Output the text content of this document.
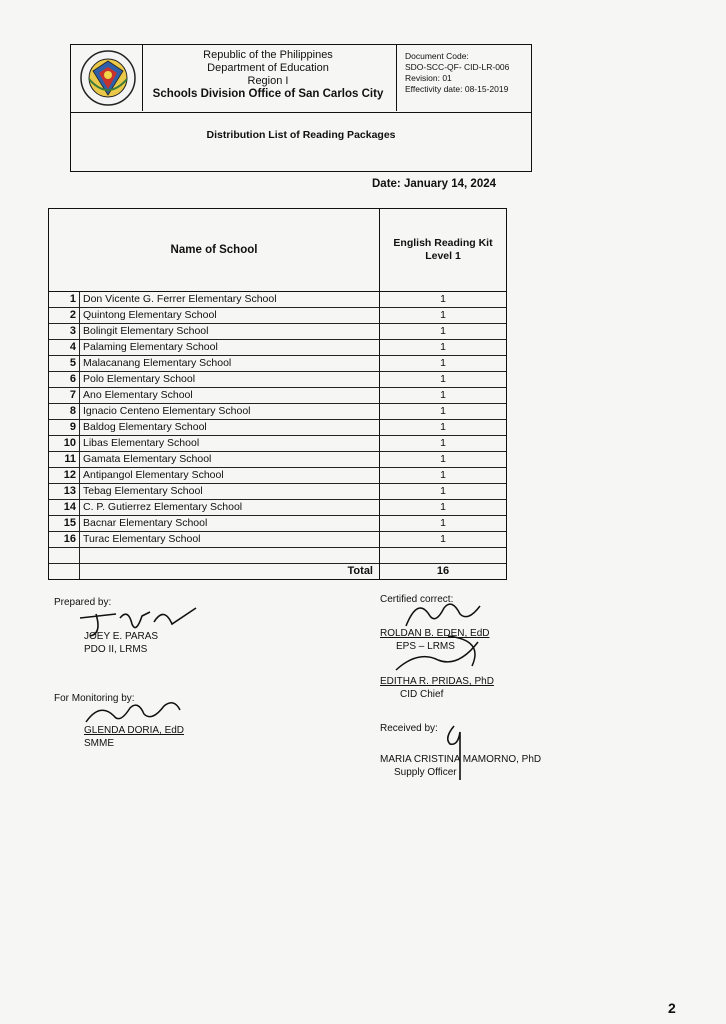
Republic of the Philippines
Department of Education
Region I
Schools Division Office of San Carlos City
Document Code:
SDO-SCC-QF- CID-LR-006
Revision: 01
Effectivity date: 08-15-2019
Distribution List of Reading Packages
Date: January 14, 2024
Name of School
English Reading Kit
Level 1
1 Don Vicente G. Ferrer Elementary School	1
2 Quintong Elementary School	1
3 Bolingit Elementary School	1
4 Palaming Elementary School	1
5 Malacanang Elementary School	1
6 Polo Elementary School	1
7 Ano Elementary School	1
8 Ignacio Centeno Elementary School	1
9 Baldog Elementary School	1
10 Libas Elementary School	1
11 Gamata Elementary School	1
12 Antipangol Elementary School	1
13 Tebag Elementary School	1
14 C. P. Gutierrez Elementary School	1
15 Bacnar Elementary School	1
16 Turac Elementary School	1
Total	16
Prepared by:
JOEY E. PARAS
PDO II, LRMS
For Monitoring by:
GLENDA DORIA, EdD
SMME
Certified correct:
ROLDAN B. EDEN, EdD
EPS – LRMS
EDITHA R. PRIDAS, PhD
CID Chief
Received by:
MARIA CRISTINA MAMORNO, PhD
Supply Officer
2
